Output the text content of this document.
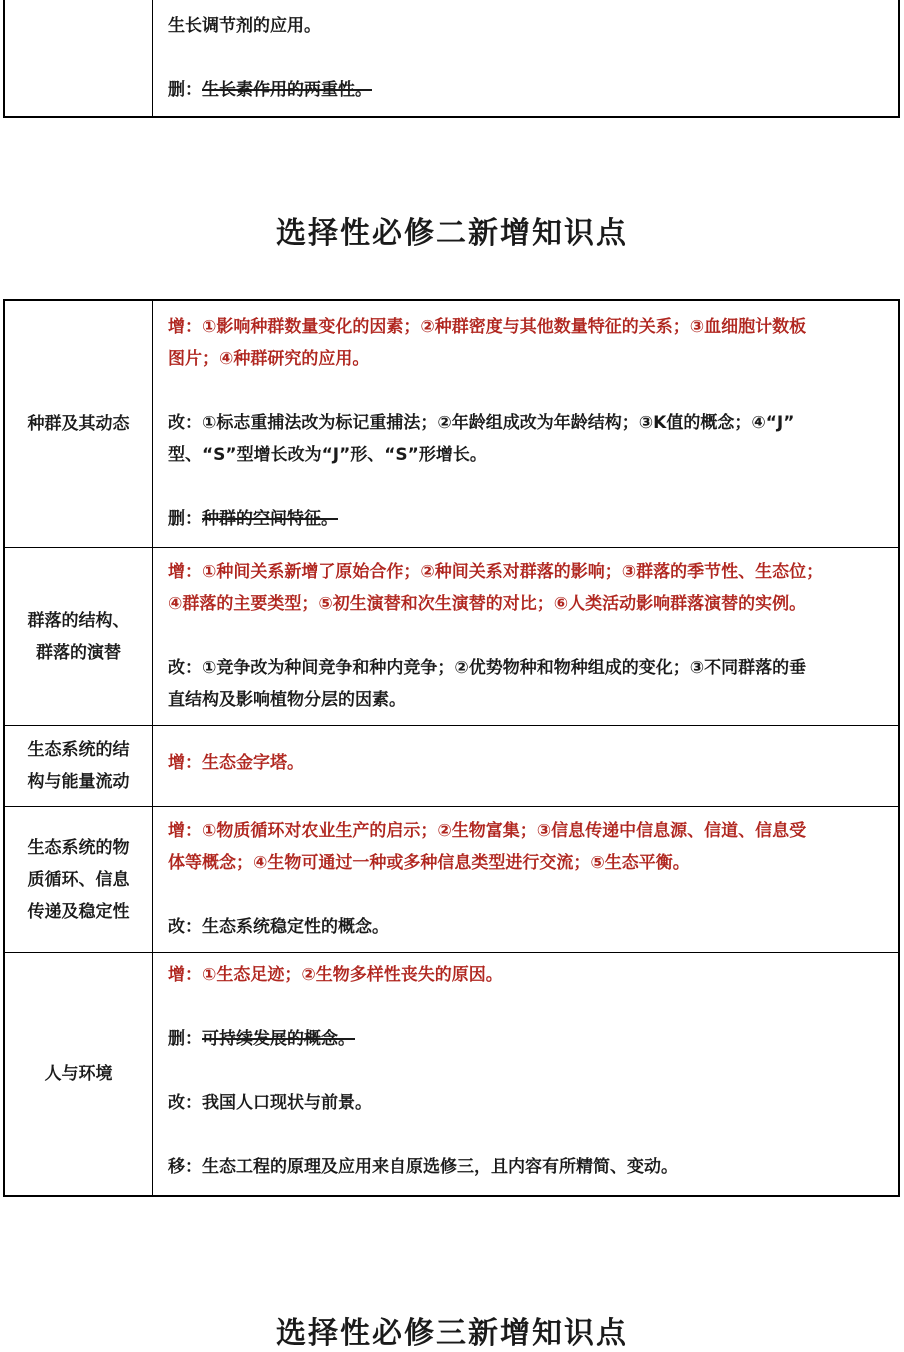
生长调节剂的应用。

删：生长素作用的两重性。

选择性必修二新增知识点
种群及其动态

增：①影响种群数量变化的因素；②种群密度与其他数量特征的关系；③血细胞计数板

图片；④种群研究的应用。

改：①标志重捕法改为标记重捕法；②年龄组成改为年龄结构；③K值的概念；④“J”

型、“S”型增长改为“J”形、“S”形增长。

删：种群的空间特征。

群落的结构、
群落的演替

增：①种间关系新增了原始合作；②种间关系对群落的影响；③群落的季节性、生态位；

④群落的主要类型；⑤初生演替和次生演替的对比；⑥人类活动影响群落演替的实例。

改：①竞争改为种间竞争和种内竞争；②优势物种和物种组成的变化；③不同群落的垂

直结构及影响植物分层的因素。

生态系统的结
构与能量流动

增：生态金字塔。

生态系统的物
质循环、信息
传递及稳定性

增：①物质循环对农业生产的启示；②生物富集；③信息传递中信息源、信道、信息受

体等概念；④生物可通过一种或多种信息类型进行交流；⑤生态平衡。

改：生态系统稳定性的概念。

人与环境

增：①生态足迹；②生物多样性丧失的原因。

删：可持续发展的概念。

改：我国人口现状与前景。

移：生态工程的原理及应用来自原选修三，且内容有所精简、变动。

选择性必修三新增知识点
